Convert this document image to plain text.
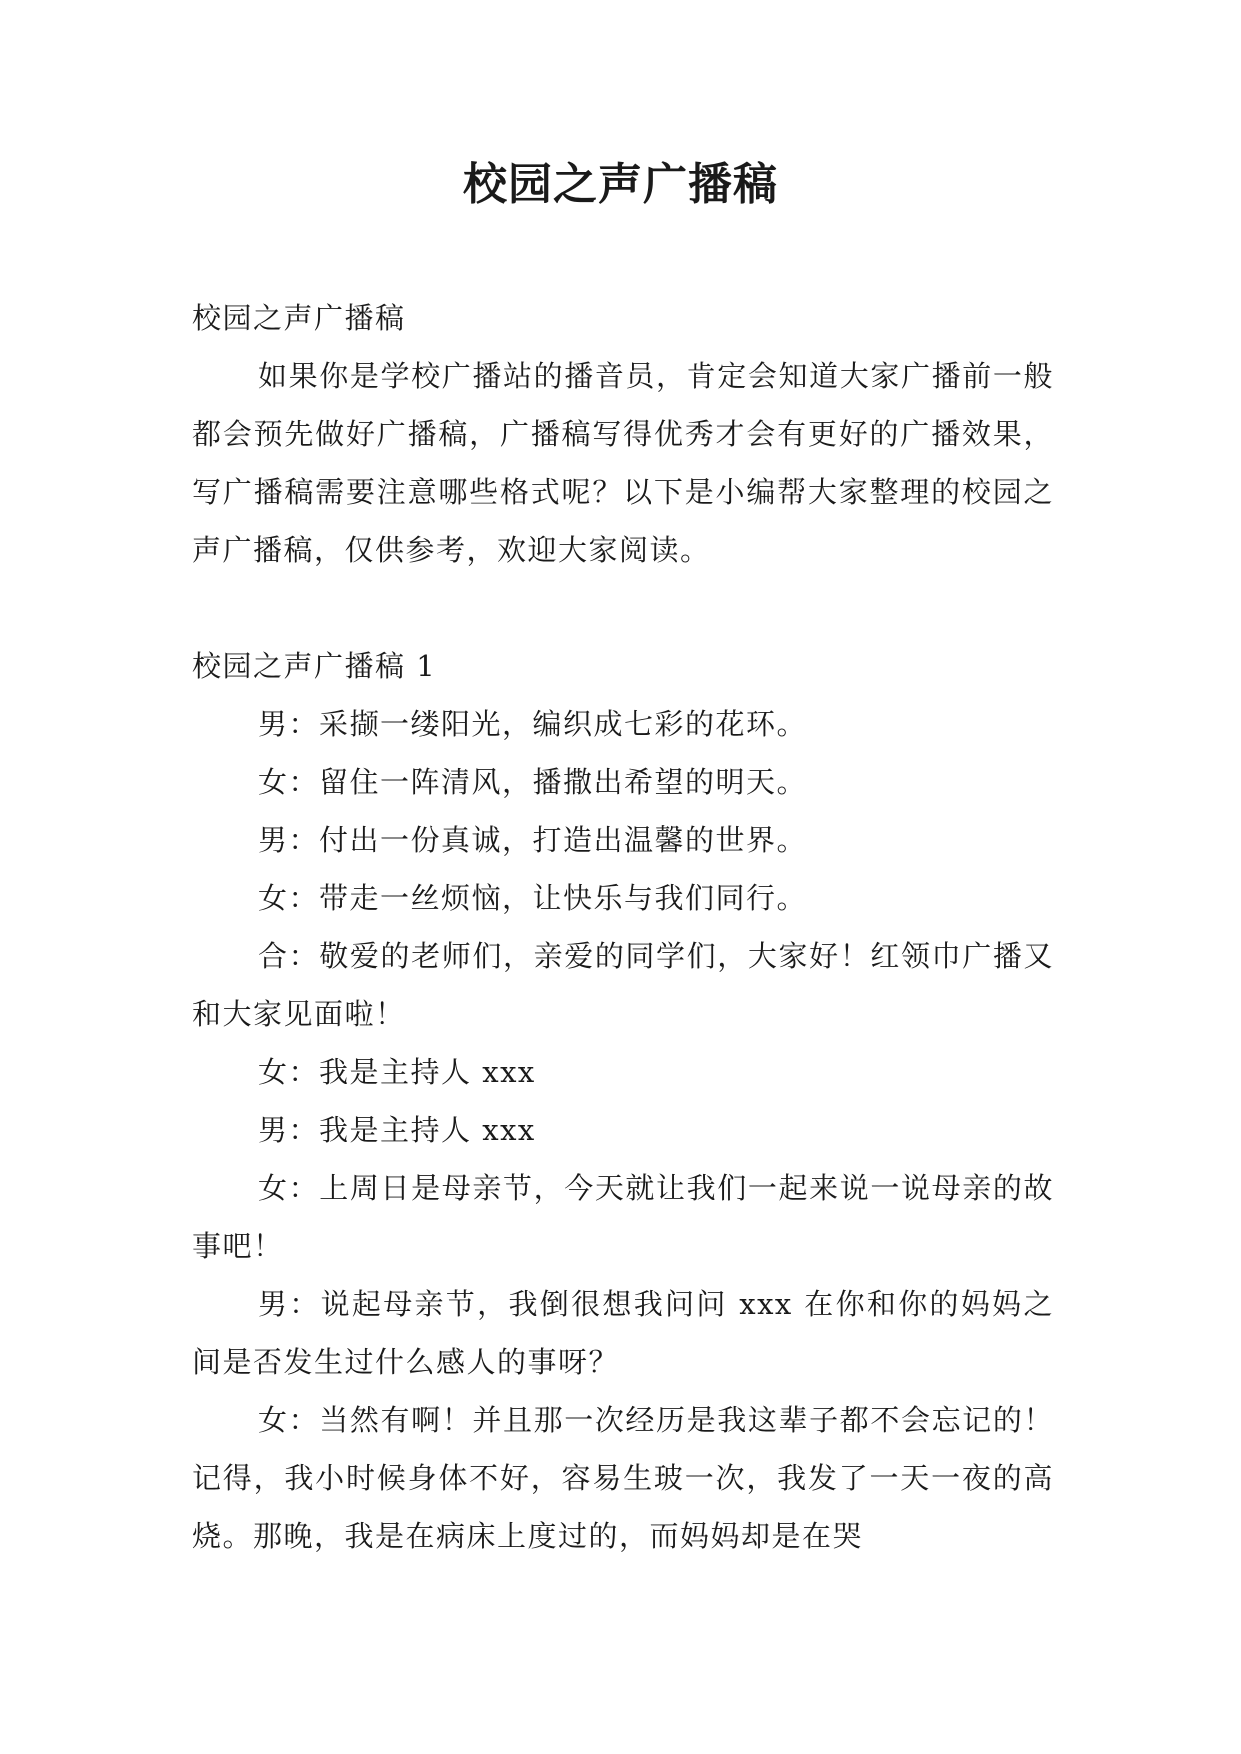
校园之声广播稿

校园之声广播稿

如果你是学校广播站的播音员，肯定会知道大家广播前一般都会预先做好广播稿，广播稿写得优秀才会有更好的广播效果，写广播稿需要注意哪些格式呢？以下是小编帮大家整理的校园之声广播稿，仅供参考，欢迎大家阅读。

校园之声广播稿 1

男：采撷一缕阳光，编织成七彩的花环。

女：留住一阵清风，播撒出希望的明天。

男：付出一份真诚，打造出温馨的世界。

女：带走一丝烦恼，让快乐与我们同行。

合：敬爱的老师们，亲爱的同学们，大家好！红领巾广播又和大家见面啦！

女：我是主持人 xxx

男：我是主持人 xxx

女：上周日是母亲节，今天就让我们一起来说一说母亲的故事吧！

男：说起母亲节，我倒很想我问问 xxx 在你和你的妈妈之间是否发生过什么感人的事呀？

女：当然有啊！并且那一次经历是我这辈子都不会忘记的！记得，我小时候身体不好，容易生玻一次，我发了一天一夜的高烧。那晚，我是在病床上度过的，而妈妈却是在哭
